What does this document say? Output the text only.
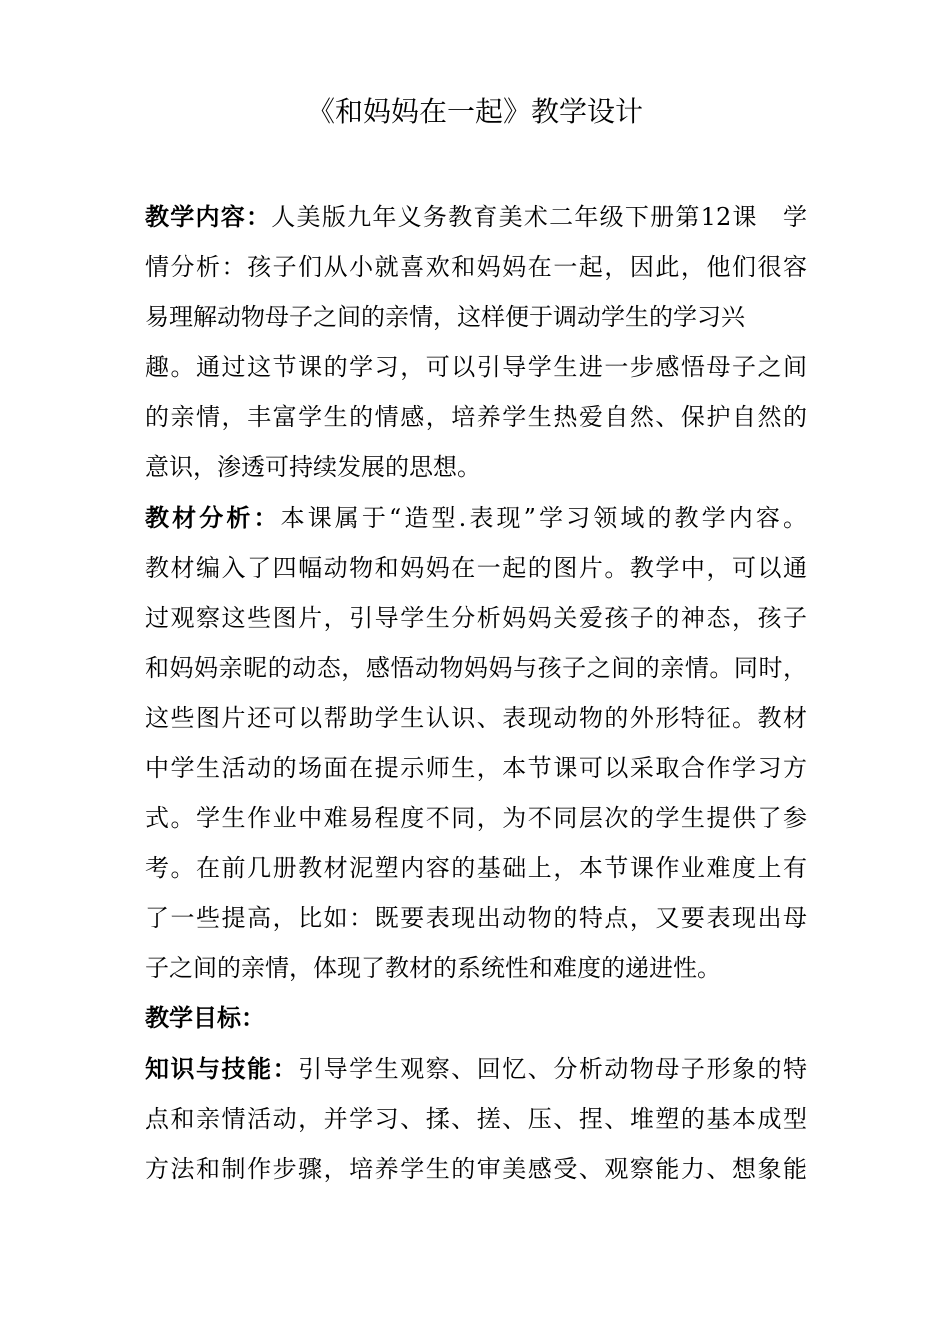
《和妈妈在一起》教学设计
教学内容：人美版九年义务教育美术二年级下册第12课　学
情分析：孩子们从小就喜欢和妈妈在一起，因此，他们很容
易理解动物母子之间的亲情，这样便于调动学生的学习兴
趣。通过这节课的学习，可以引导学生进一步感悟母子之间
的亲情，丰富学生的情感，培养学生热爱自然、保护自然的
意识，渗透可持续发展的思想。
教材分析：本课属于“造型.表现”学习领域的教学内容。
教材编入了四幅动物和妈妈在一起的图片。教学中，可以通
过观察这些图片，引导学生分析妈妈关爱孩子的神态，孩子
和妈妈亲昵的动态，感悟动物妈妈与孩子之间的亲情。同时，
这些图片还可以帮助学生认识、表现动物的外形特征。教材
中学生活动的场面在提示师生，本节课可以采取合作学习方
式。学生作业中难易程度不同，为不同层次的学生提供了参
考。在前几册教材泥塑内容的基础上，本节课作业难度上有
了一些提高，比如：既要表现出动物的特点，又要表现出母
子之间的亲情，体现了教材的系统性和难度的递进性。
教学目标：
知识与技能：引导学生观察、回忆、分析动物母子形象的特
点和亲情活动，并学习、揉、搓、压、捏、堆塑的基本成型
方法和制作步骤，培养学生的审美感受、观察能力、想象能
